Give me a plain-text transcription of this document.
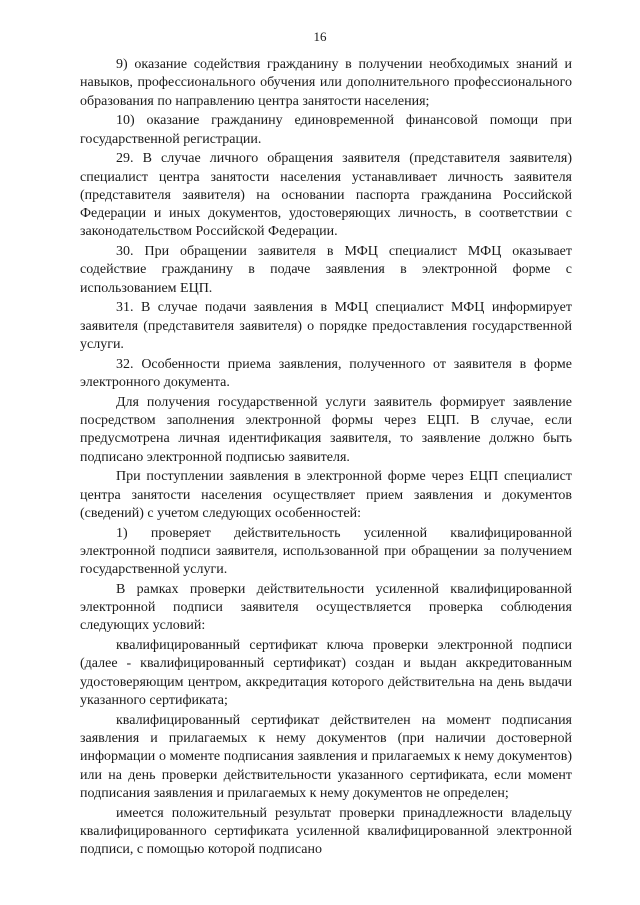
16

9) оказание содействия гражданину в получении необходимых знаний и навыков, профессионального обучения или дополнительного профессионального образования по направлению центра занятости населения;

10) оказание гражданину единовременной финансовой помощи при государственной регистрации.

29. В случае личного обращения заявителя (представителя заявителя) специалист центра занятости населения устанавливает личность заявителя (представителя заявителя) на основании паспорта гражданина Российской Федерации и иных документов, удостоверяющих личность, в соответствии с законодательством Российской Федерации.

30. При обращении заявителя в МФЦ специалист МФЦ оказывает содействие гражданину в подаче заявления в электронной форме с использованием ЕЦП.

31. В случае подачи заявления в МФЦ специалист МФЦ информирует заявителя (представителя заявителя) о порядке предоставления государственной услуги.

32. Особенности приема заявления, полученного от заявителя в форме электронного документа.

Для получения государственной услуги заявитель формирует заявление посредством заполнения электронной формы через ЕЦП. В случае, если предусмотрена личная идентификация заявителя, то заявление должно быть подписано электронной подписью заявителя.

При поступлении заявления в электронной форме через ЕЦП специалист центра занятости населения осуществляет прием заявления и документов (сведений) с учетом следующих особенностей:

1) проверяет действительность усиленной квалифицированной электронной подписи заявителя, использованной при обращении за получением государственной услуги.

В рамках проверки действительности усиленной квалифицированной электронной подписи заявителя осуществляется проверка соблюдения следующих условий:

квалифицированный сертификат ключа проверки электронной подписи (далее - квалифицированный сертификат) создан и выдан аккредитованным удостоверяющим центром, аккредитация которого действительна на день выдачи указанного сертификата;

квалифицированный сертификат действителен на момент подписания заявления и прилагаемых к нему документов (при наличии достоверной информации о моменте подписания заявления и прилагаемых к нему документов) или на день проверки действительности указанного сертификата, если момент подписания заявления и прилагаемых к нему документов не определен;

имеется положительный результат проверки принадлежности владельцу квалифицированного сертификата усиленной квалифицированной электронной подписи, с помощью которой подписано
